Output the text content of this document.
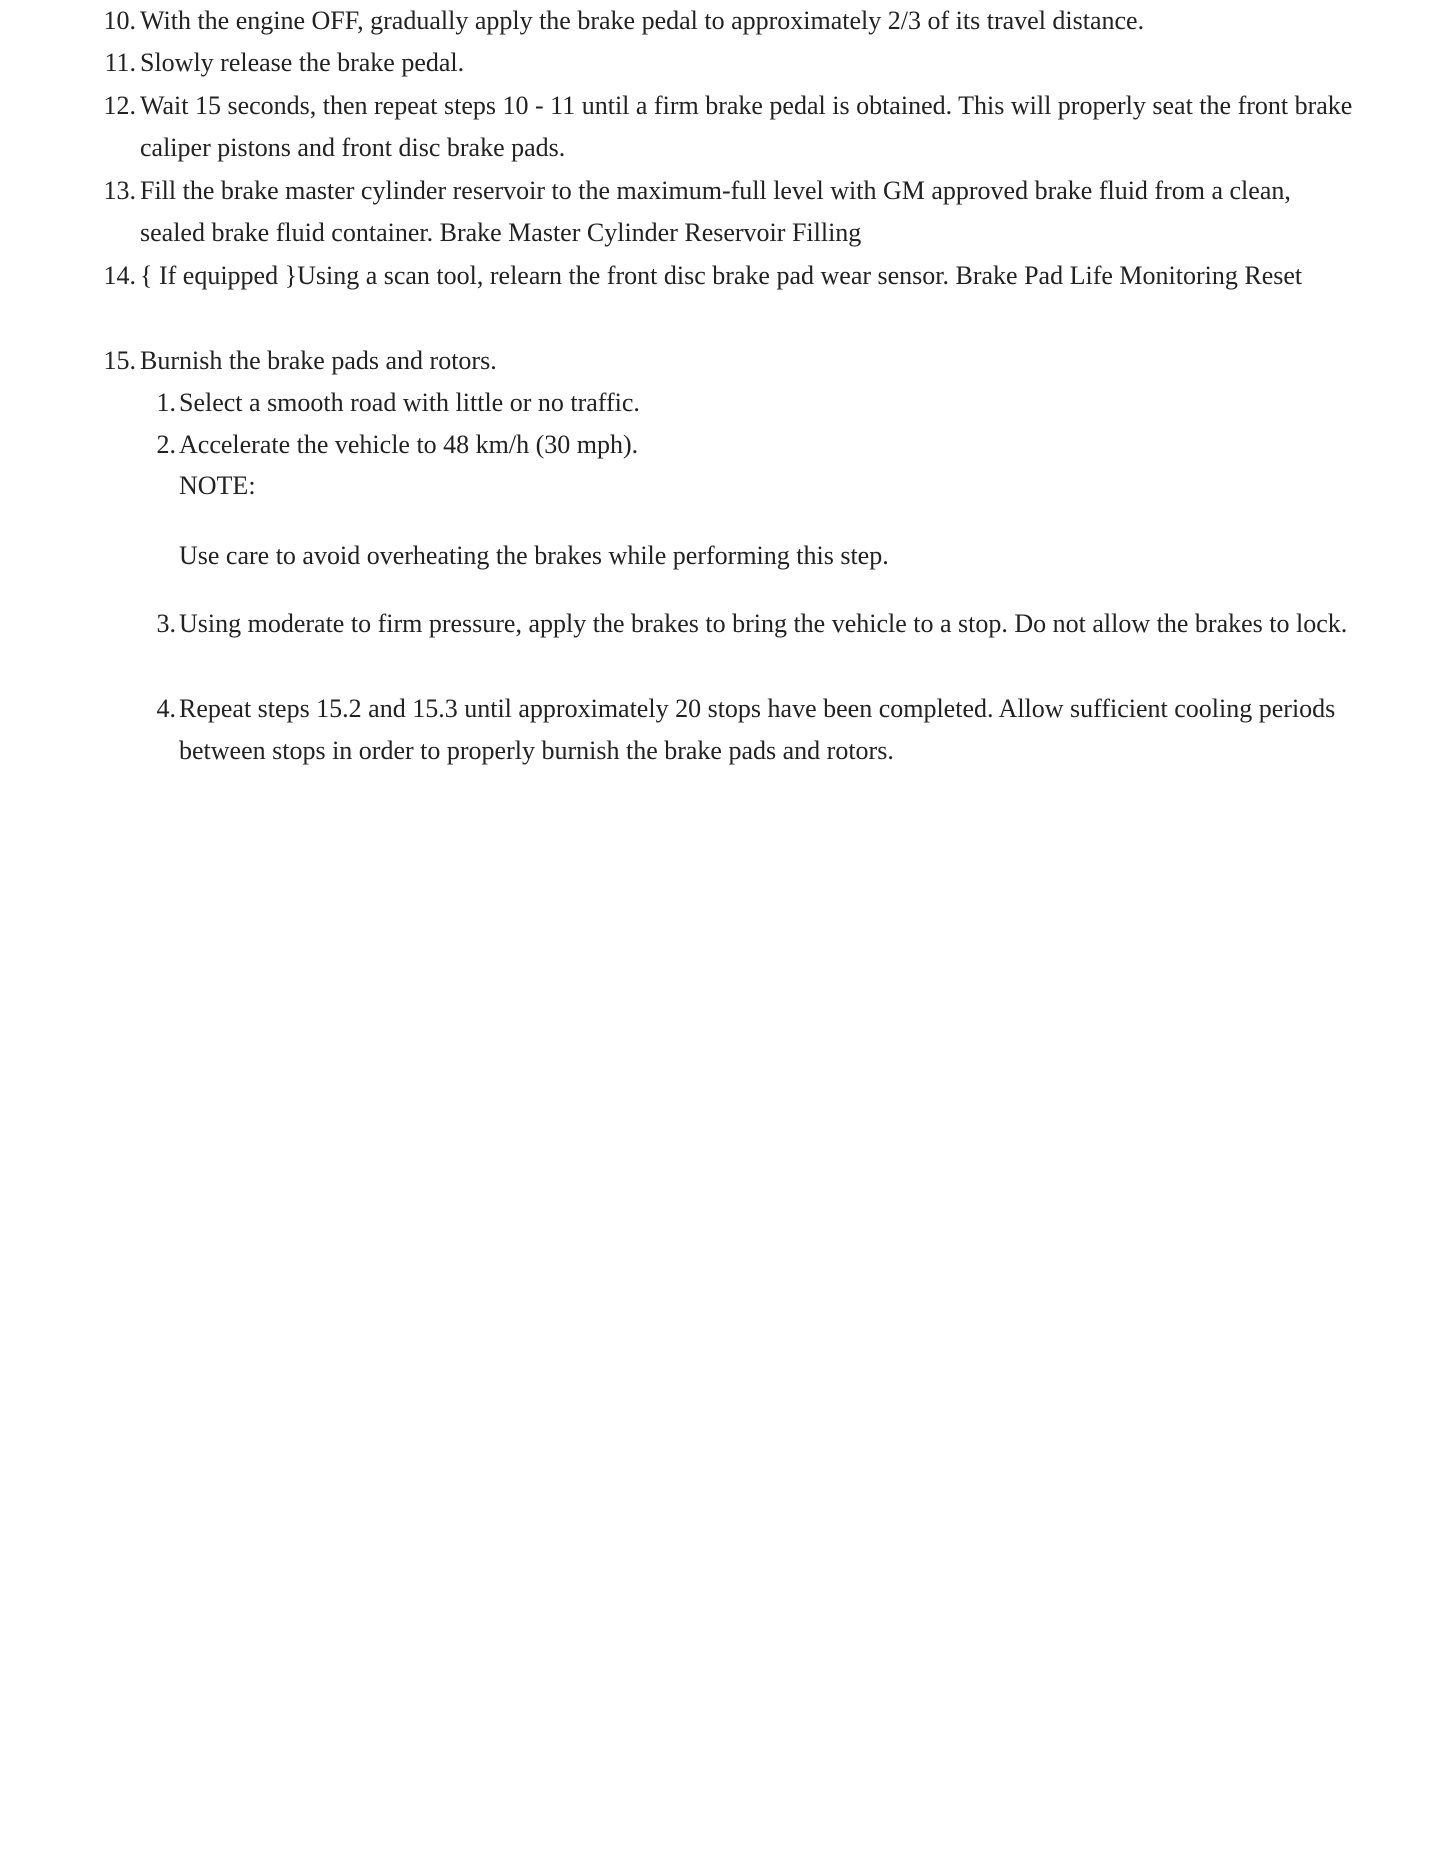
10. With the engine OFF, gradually apply the brake pedal to approximately 2/3 of its travel distance.
11. Slowly release the brake pedal.
12. Wait 15 seconds, then repeat steps 10 - 11 until a firm brake pedal is obtained. This will properly seat the front brake caliper pistons and front disc brake pads.
13. Fill the brake master cylinder reservoir to the maximum-full level with GM approved brake fluid from a clean, sealed brake fluid container. Brake Master Cylinder Reservoir Filling
14. { If equipped }Using a scan tool, relearn the front disc brake pad wear sensor. Brake Pad Life Monitoring Reset
15. Burnish the brake pads and rotors.
1. Select a smooth road with little or no traffic.
2. Accelerate the vehicle to 48 km/h (30 mph).
NOTE:
Use care to avoid overheating the brakes while performing this step.
3. Using moderate to firm pressure, apply the brakes to bring the vehicle to a stop. Do not allow the brakes to lock.
4. Repeat steps 15.2 and 15.3 until approximately 20 stops have been completed. Allow sufficient cooling periods between stops in order to properly burnish the brake pads and rotors.
